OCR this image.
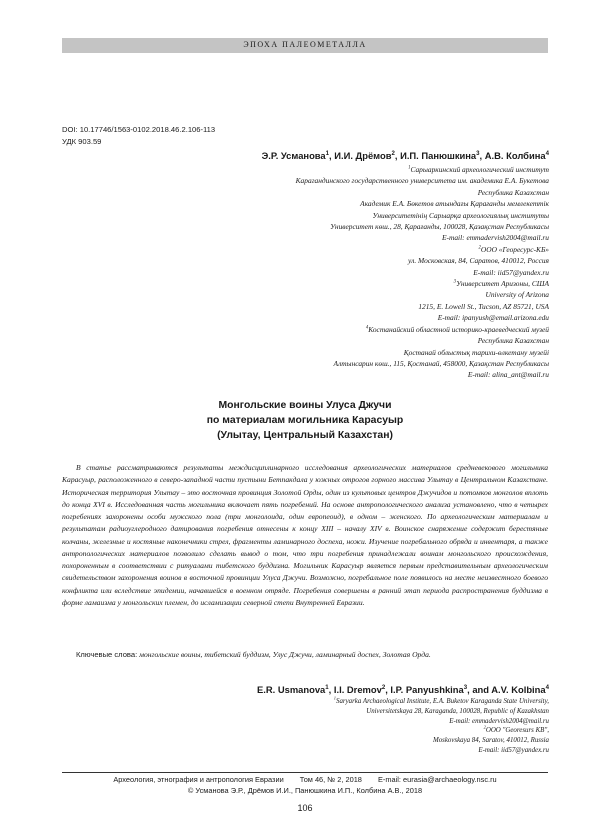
ЭПОХА ПАЛЕОМЕТАЛЛА
DOI: 10.17746/1563-0102.2018.46.2.106-113
УДК 903.59
Э.Р. Усманова$^1$, И.И. Дрёмов$^2$, И.П. Панюшкина$^3$, А.В. Колбина$^4$
$^1$Сарыаркинский археологический институт
Карагандинского государственного университета им. академика Е.А. Букетова
Республика Казахстан
Академик Е.А. Бөкетов атындағы Қарағанды мемлекеттік
Университетінің Сарыарқа археологиялық институты
Университет көш., 28, Қарағанды, 100028, Қазақстан Республикасы
E-mail: emmadervish2004@mail.ru
$^2$ООО «Георесурс-КБ»
ул. Московская, 84, Саратов, 410012, Россия
E-mail: iid57@yandex.ru
$^3$Университет Аризоны, США
University of Arizona
1215, E. Lowell St., Tucson, AZ 85721, USA
E-mail: ipanyush@email.arizona.edu
$^4$Костанайский областной историко-краеведческий музей
Республика Казахстан
Қостанай облыстық тарихи-өлкетану музейі
Алтынсарин көш., 115, Қостанай, 458000, Қазақстан Республикасы
E-mail: alina_ant@mail.ru
Монгольские воины Улуса Джучи
по материалам могильника Карасуыр
(Улытау, Центральный Казахстан)

В статье рассматриваются результаты междисциплинарного исследования археологических материалов средневекового могильника Карасуыр, расположенного в северо-западной части пустыни Бетпакдала у южных отрогов горного массива Улытау в Центральном Казахстане. Историческая территория Улытау – это восточная провинция Золотой Орды, один из культовых центров Джучидов и потомков монголов вплоть до конца XVI в. Исследованная часть могильника включает пять погребений. На основе антропологического анализа установлено, что в четырех погребениях захоронены особи мужского пола (три монголоида, один европеоид), в одном – женского. По археологическим материалам и результатам радиоуглеродного датирования погребения отнесены к концу XIII – началу XIV в. Воинское снаряжение содержит берестяные колчаны, железные и костяные наконечники стрел, фрагменты ламинарного доспеха, ножи. Изучение погребального обряда и инвентаря, а также антропологических материалов позволило сделать вывод о том, что три погребения принадлежали воинам монгольского происхождения, похороненным в соответствии с ритуалами тибетского буддизма. Могильник Карасуыр является первым представительным археологическим свидетельством захоронения воинов в восточной провинции Улуса Джучи. Возможно, погребальное поле появилось на месте неизвестного боевого конфликта или вследствие эпидемии, начавшейся в военном отряде. Погребения совершены в ранний этап периода распространения буддизма в форме ламаизма у монгольских племен, до исламизации северной степи Внутренней Евразии.

Ключевые слова: монгольские воины, тибетский буддизм, Улус Джучи, ламинарный доспех, Золотая Орда.
E.R. Usmanova$^1$, I.I. Dremov$^2$, I.P. Panyushkina$^3$, and A.V. Kolbina$^4$
$^1$Saryarka Archaeological Institute, E.A. Buketov Karaganda State University,
Universitetskaya 28, Karaganda, 100028, Republic of Kazakhstan
E-mail: emmadervish2004@mail.ru
$^2$OOO "Georesurs KB",
Moskovskaya 84, Saratov, 410012, Russia
E-mail: iid57@yandex.ru
Археология, этнография и антропология Евразии Том 46, № 2, 2018 E-mail: eurasia@archaeology.nsc.ru
© Усманова Э.Р., Дрёмов И.И., Панюшкина И.П., Колбина А.В., 2018
106
